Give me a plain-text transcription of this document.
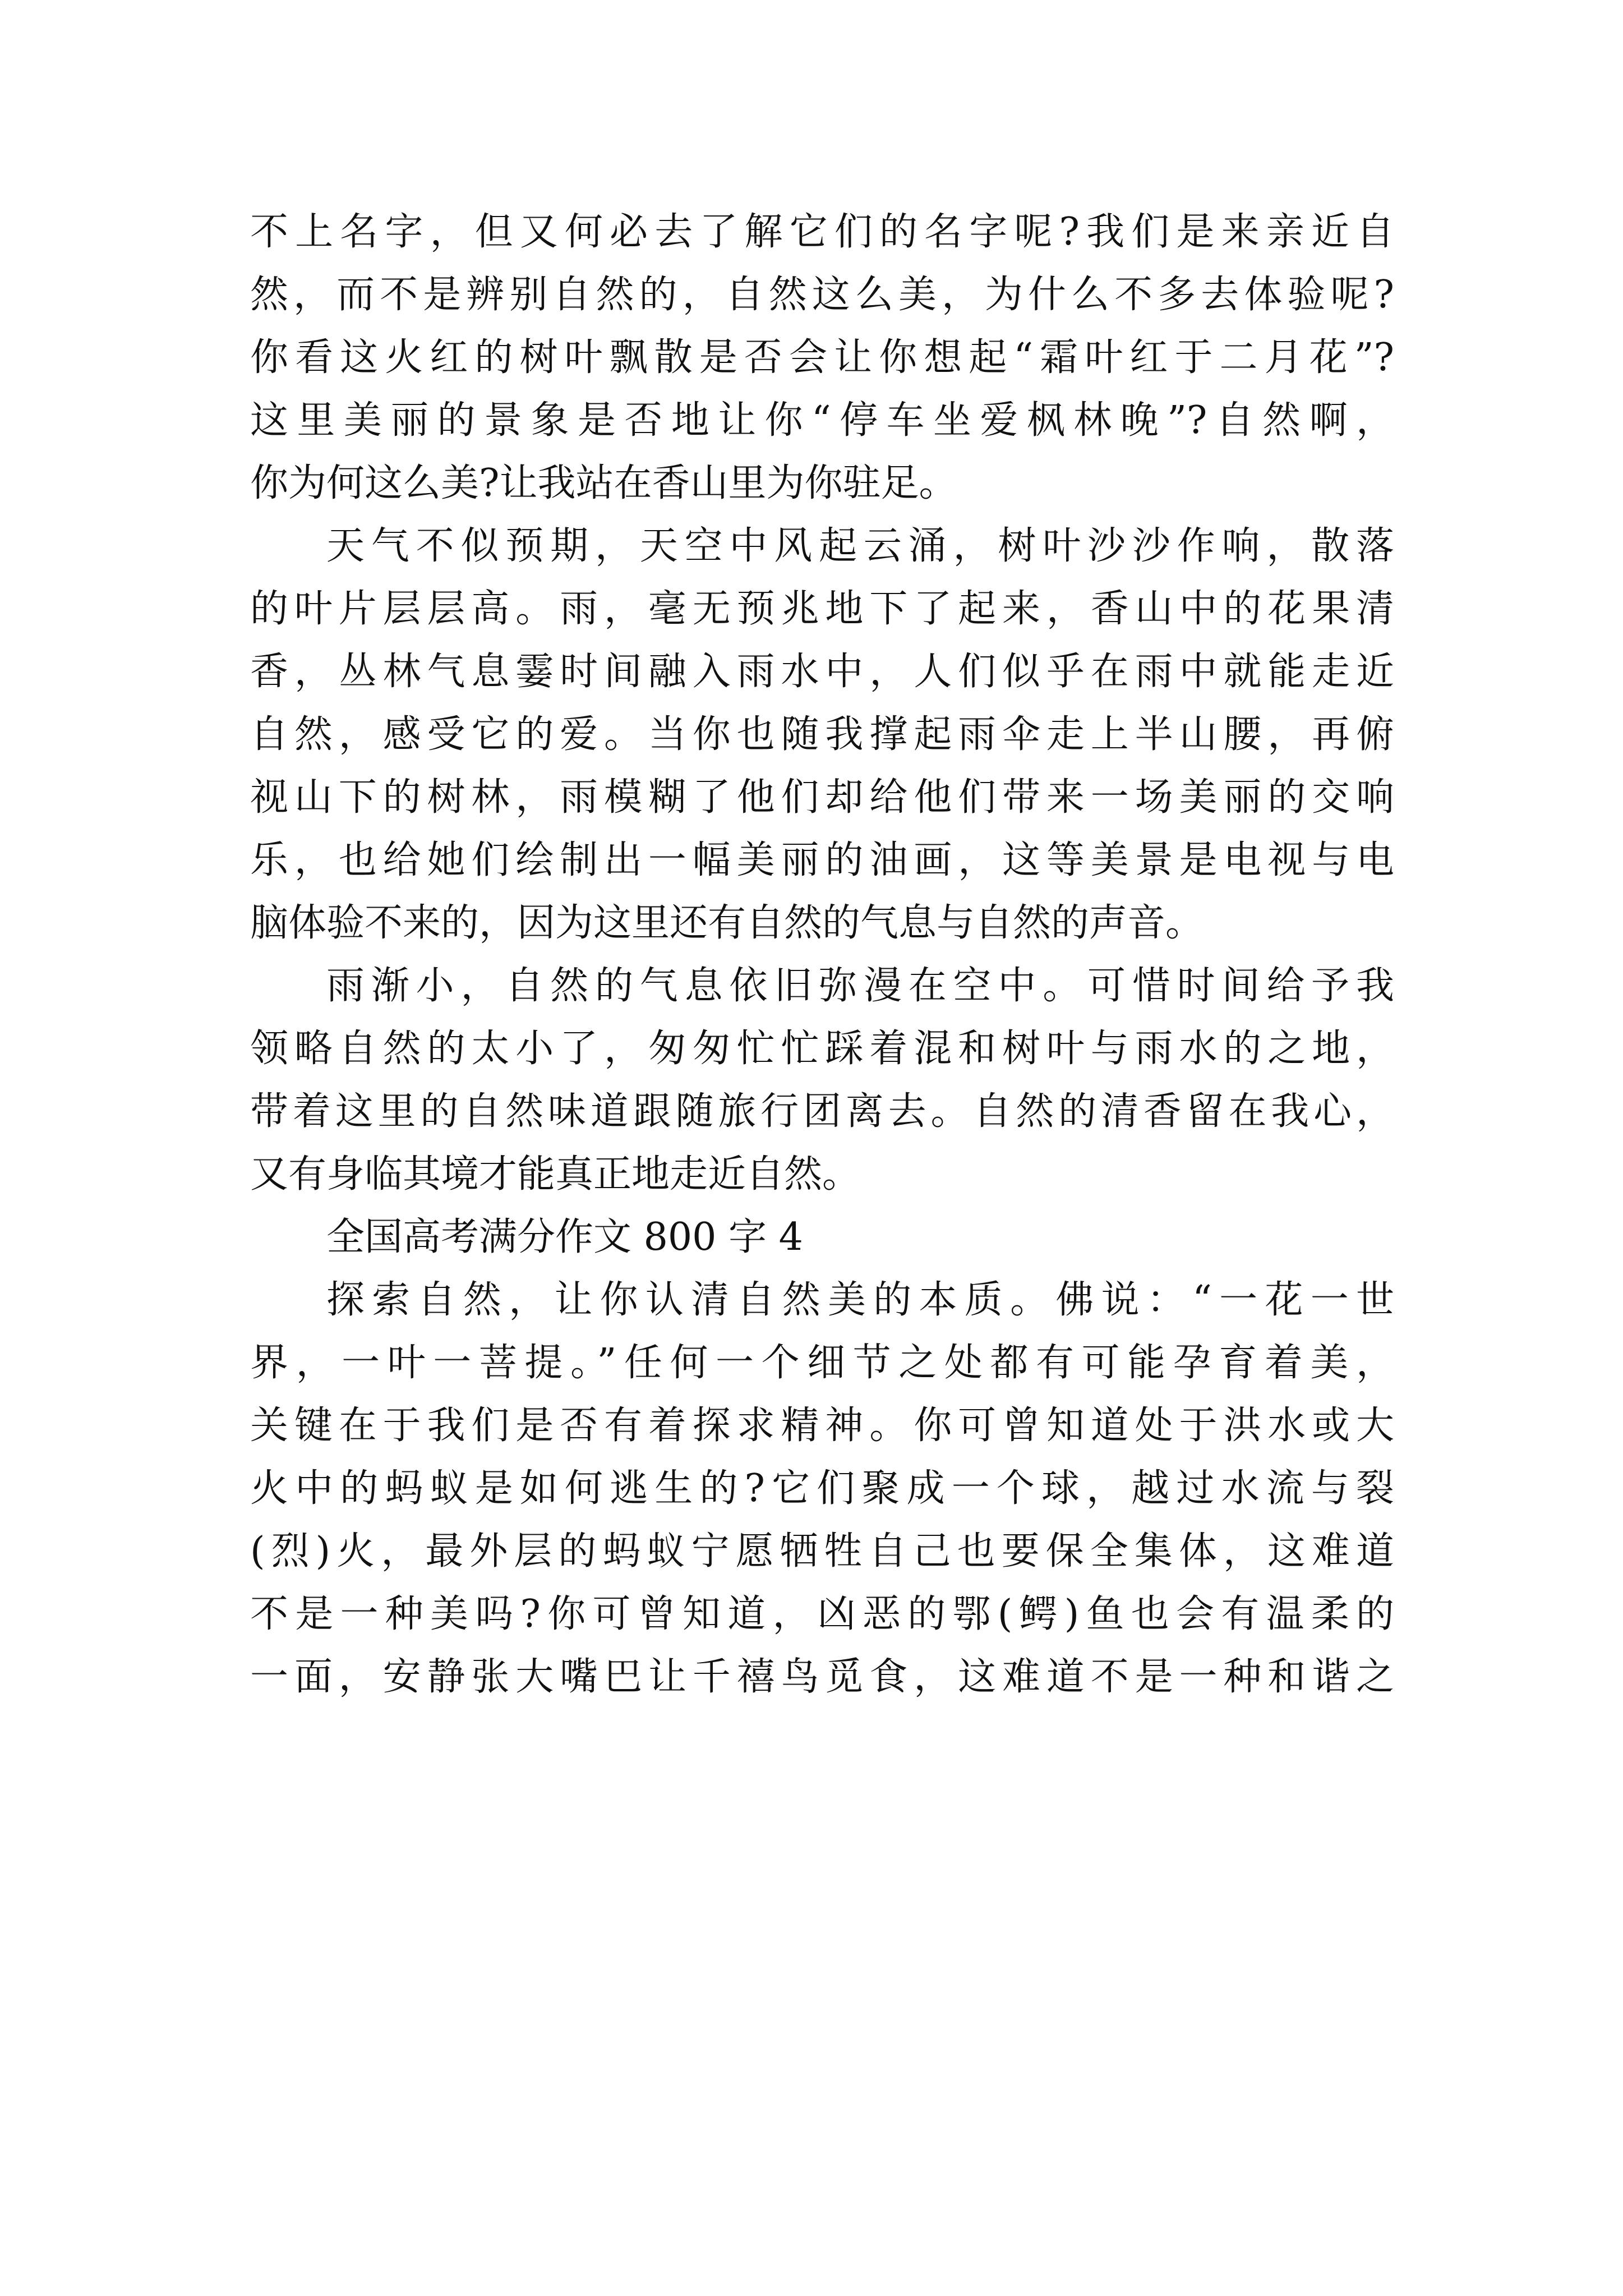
不上名字，但又何必去了解它们的名字呢?我们是来亲近自
然，而不是辨别自然的，自然这么美，为什么不多去体验呢?
你看这火红的树叶飘散是否会让你想起“霜叶红于二月花”?
这里美丽的景象是否地让你“停车坐爱枫林晚”?自然啊，
你为何这么美?让我站在香山里为你驻足。
天气不似预期，天空中风起云涌，树叶沙沙作响，散落
的叶片层层高。雨，毫无预兆地下了起来，香山中的花果清
香，丛林气息霎时间融入雨水中，人们似乎在雨中就能走近
自然，感受它的爱。当你也随我撑起雨伞走上半山腰，再俯
视山下的树林，雨模糊了他们却给他们带来一场美丽的交响
乐，也给她们绘制出一幅美丽的油画，这等美景是电视与电
脑体验不来的，因为这里还有自然的气息与自然的声音。
雨渐小，自然的气息依旧弥漫在空中。可惜时间给予我
领略自然的太小了，匆匆忙忙踩着混和树叶与雨水的之地，
带着这里的自然味道跟随旅行团离去。自然的清香留在我心，
又有身临其境才能真正地走近自然。
全国高考满分作文 800 字 4
探索自然，让你认清自然美的本质。佛说：“一花一世
界，一叶一菩提。”任何一个细节之处都有可能孕育着美，
关键在于我们是否有着探求精神。你可曾知道处于洪水或大
火中的蚂蚁是如何逃生的?它们聚成一个球，越过水流与裂
(烈)火，最外层的蚂蚁宁愿牺牲自己也要保全集体，这难道
不是一种美吗?你可曾知道，凶恶的鄂(鳄)鱼也会有温柔的
一面，安静张大嘴巴让千禧鸟觅食，这难道不是一种和谐之
